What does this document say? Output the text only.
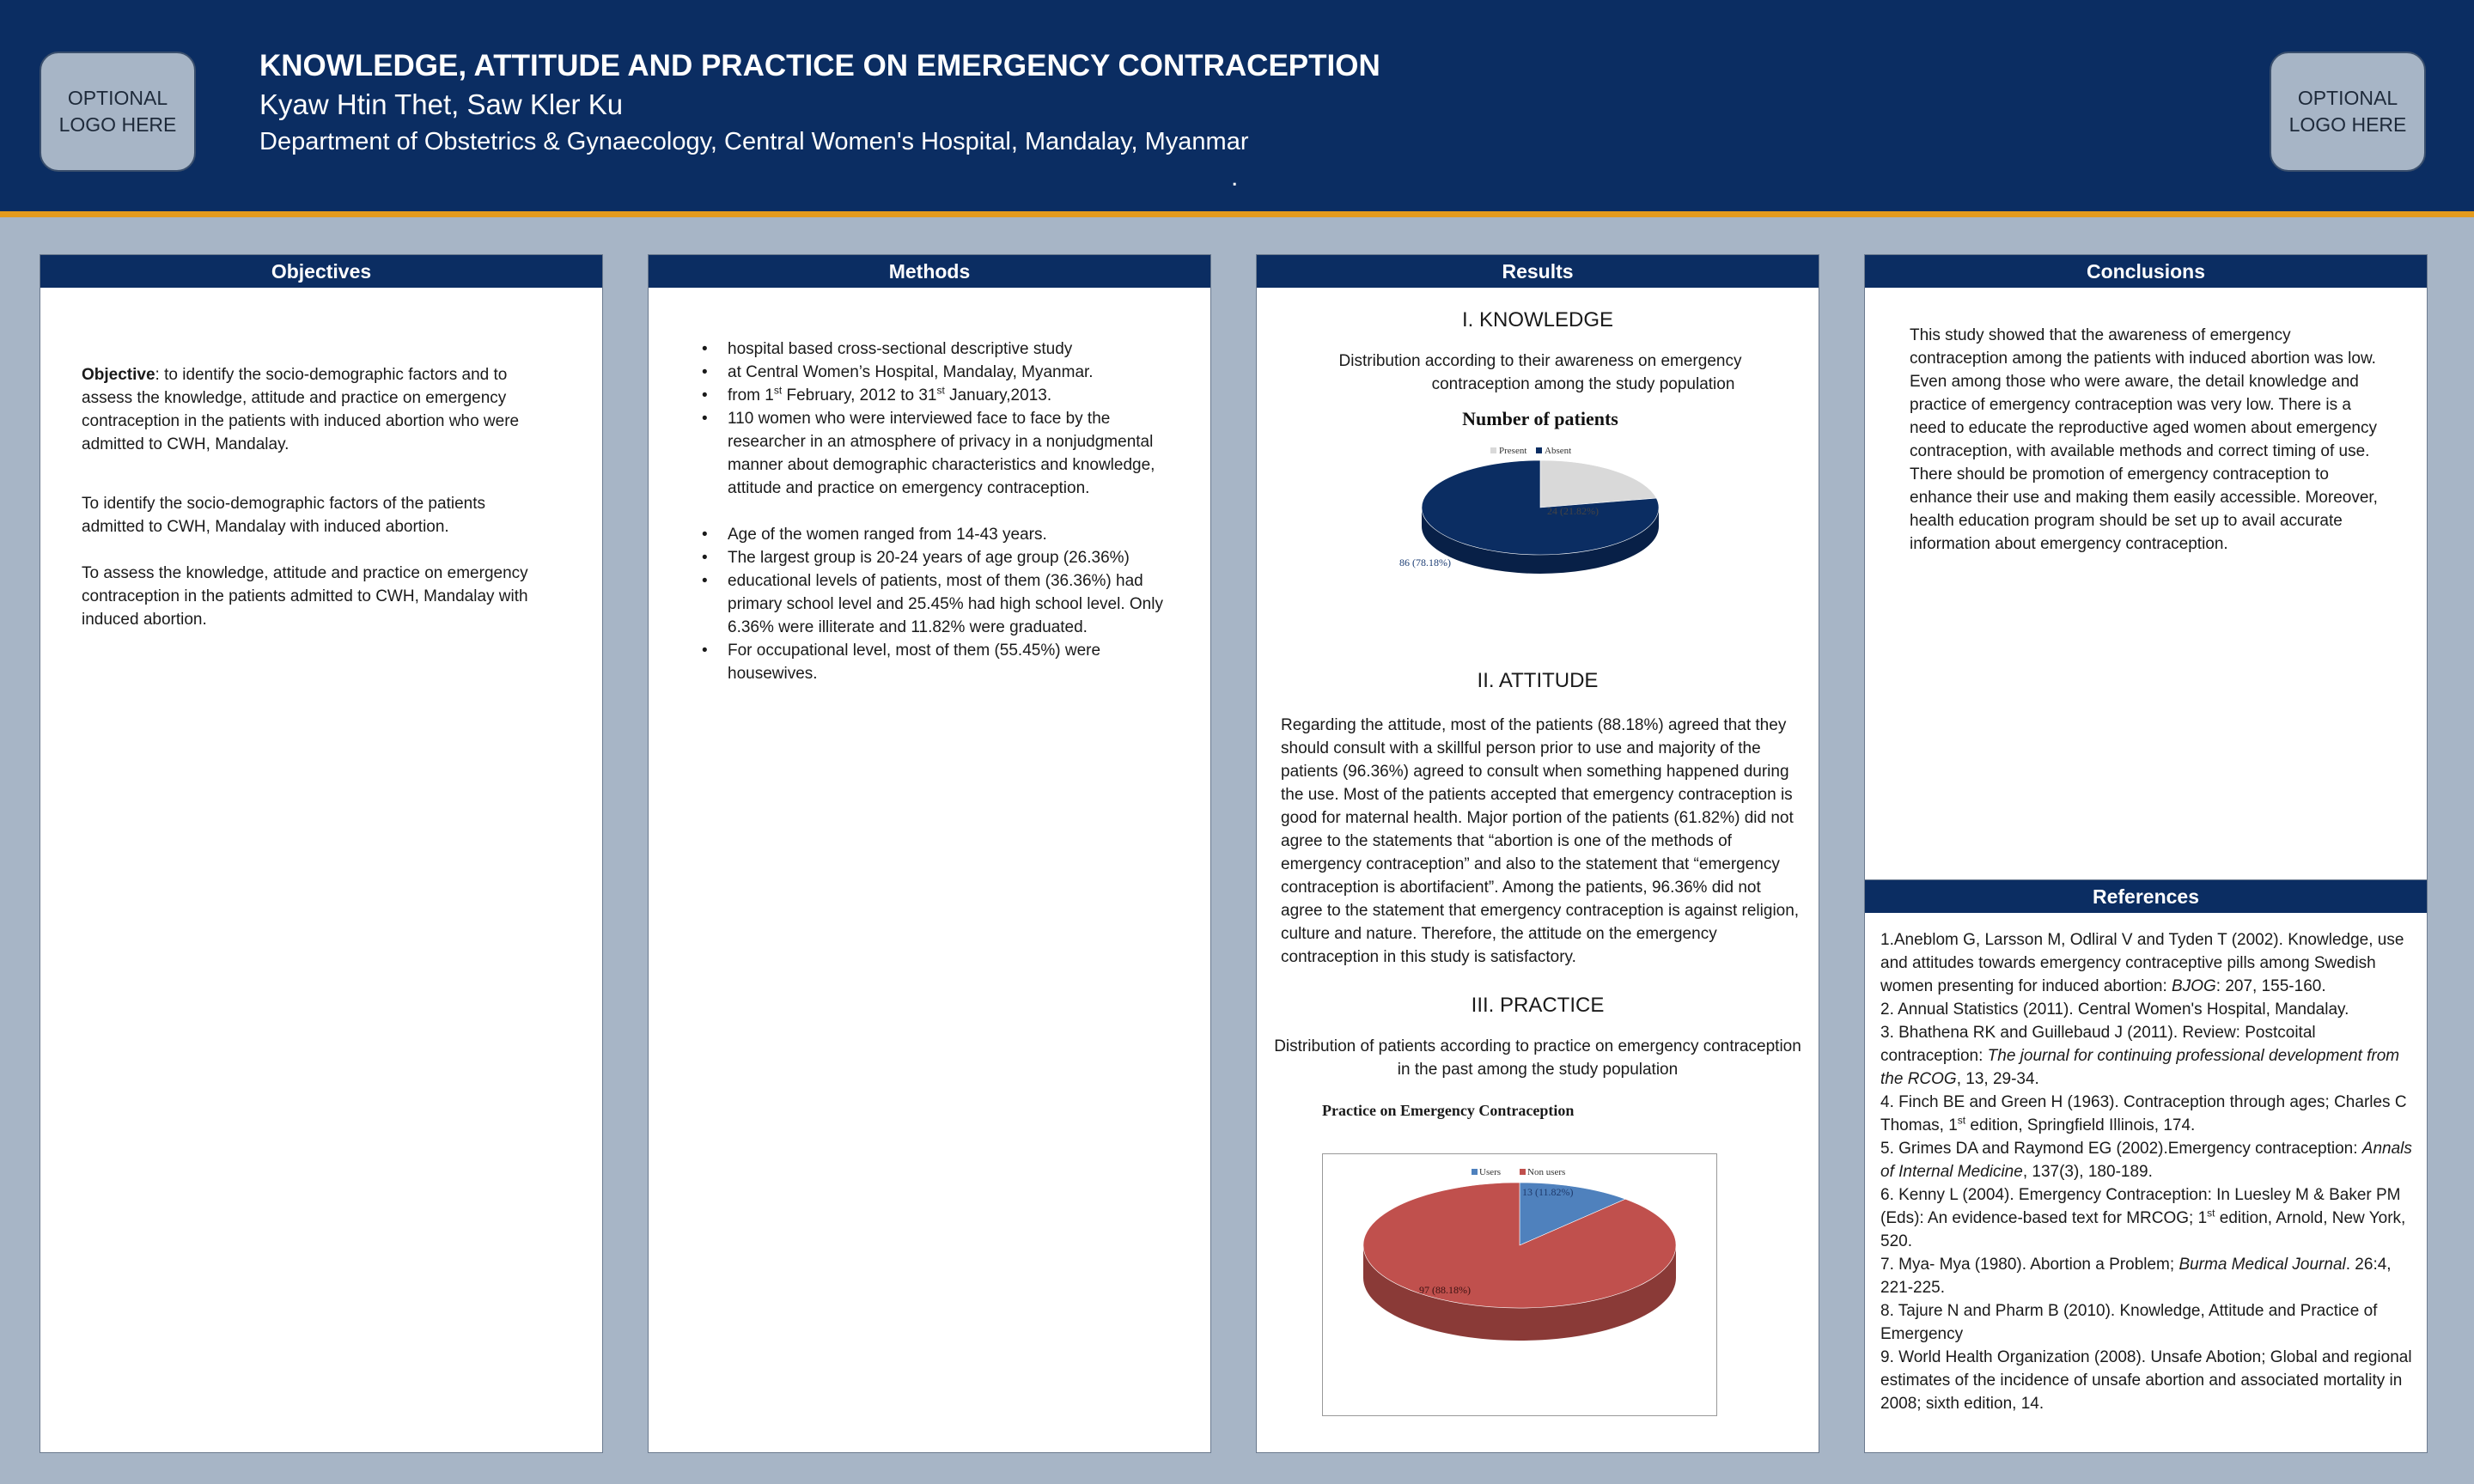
OPTIONAL
LOGO HERE
OPTIONAL
LOGO HERE
KNOWLEDGE, ATTITUDE AND PRACTICE ON EMERGENCY CONTRACEPTION
Kyaw Htin Thet, Saw Kler Ku
Department of Obstetrics & Gynaecology, Central Women's Hospital, Mandalay, Myanmar
.
Objectives

Objective: to identify the socio-demographic factors and to assess the knowledge, attitude and practice on emergency contraception in the patients with induced abortion who were admitted to CWH, Mandalay.

To identify the socio-demographic factors of the patients admitted to CWH, Mandalay with induced abortion.

To assess the knowledge, attitude and practice on emergency contraception in the patients admitted to CWH, Mandalay with induced abortion.

Methods
• hospital based cross-sectional descriptive study
• at Central Women’s Hospital, Mandalay, Myanmar.
• from 1st February, 2012 to 31st January,2013.
• 110 women who were interviewed face to face by the researcher in an atmosphere of privacy in a nonjudgmental manner about demographic characteristics and knowledge, attitude and practice on emergency contraception.
• Age of the women ranged from 14-43 years.
• The largest group is 20-24 years of age group (26.36%)
• educational levels of patients, most of them (36.36%) had primary school level and 25.45% had high school level. Only 6.36% were illiterate and 11.82% were graduated.
• For occupational level, most of them (55.45%) were housewives.
Results
I. KNOWLEDGE
Distribution according to their awareness on emergency
contraception among the study population
Number of patients
Present Absent
24 (21.82%)
86 (78.18%)
II. ATTITUDE
Regarding the attitude, most of the patients (88.18%) agreed that they should consult with a skillful person prior to use and majority of the patients (96.36%) agreed to consult when something happened during the use. Most of the patients accepted that emergency contraception is good for maternal health. Major portion of the patients (61.82%) did not agree to the statements that “abortion is one of the methods of emergency contraception” and also to the statement that “emergency contraception is abortifacient”. Among the patients, 96.36% did not agree to the statement that emergency contraception is against religion, culture and nature. Therefore, the attitude on the emergency contraception in this study is satisfactory.
III. PRACTICE
Distribution of patients according to practice on emergency contraception
in the past among the study population
Practice on Emergency Contraception
Users	Non users
13 (11.82%)
97 (88.18%)
Conclusions
This study showed that the awareness of emergency contraception among the patients with induced abortion was low. Even among those who were aware, the detail knowledge and practice of emergency contraception was very low. There is a need to educate the reproductive aged women about emergency contraception, with available methods and correct timing of use. There should be promotion of emergency contraception to enhance their use and making them easily accessible. Moreover, health education program should be set up to avail accurate information about emergency contraception.
References

1.Aneblom G, Larsson M, Odliral V and Tyden T (2002). Knowledge, use and attitudes towards emergency contraceptive pills among Swedish women presenting for induced abortion: BJOG: 207, 155-160.

2. Annual Statistics (2011). Central Women's Hospital, Mandalay.

3. Bhathena RK and Guillebaud J (2011). Review: Postcoital contraception: The journal for continuing professional development from the RCOG, 13, 29-34.

4. Finch BE and Green H (1963). Contraception through ages; Charles C Thomas, 1st edition, Springfield Illinois, 174.

5. Grimes DA and Raymond EG (2002).Emergency contraception: Annals of Internal Medicine, 137(3), 180-189.

6. Kenny L (2004). Emergency Contraception: In Luesley M & Baker PM (Eds): An evidence-based text for MRCOG; 1st edition, Arnold, New York, 520.

7. Mya- Mya (1980). Abortion a Problem; Burma Medical Journal. 26:4, 221-225.

8. Tajure N and Pharm B (2010). Knowledge, Attitude and Practice of Emergency

9. World Health Organization (2008). Unsafe Abotion; Global and regional estimates of the incidence of unsafe abortion and associated mortality in 2008; sixth edition, 14.
